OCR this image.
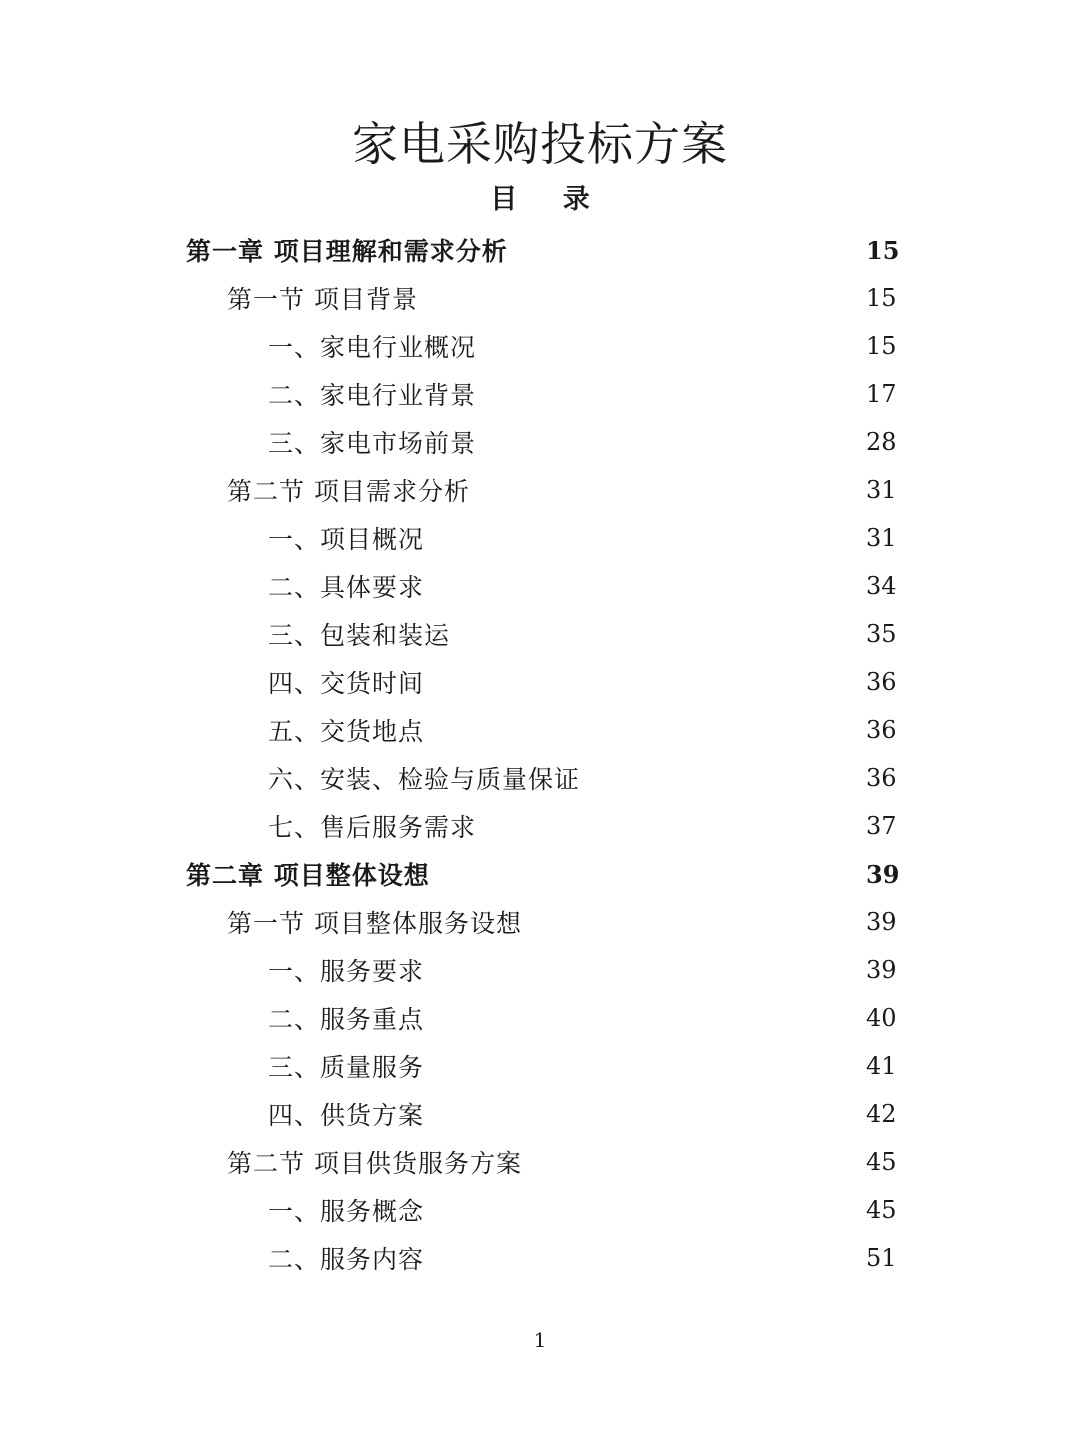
家电采购投标方案
目 录
第一章 项目理解和需求分析	15
第一节 项目背景	15
一、家电行业概况	15
二、家电行业背景	17
三、家电市场前景	28
第二节 项目需求分析	31
一、项目概况	31
二、具体要求	34
三、包装和装运	35
四、交货时间	36
五、交货地点	36
六、安装、检验与质量保证	36
七、售后服务需求	37
第二章 项目整体设想	39
第一节 项目整体服务设想	39
一、服务要求	39
二、服务重点	40
三、质量服务	41
四、供货方案	42
第二节 项目供货服务方案	45
一、服务概念	45
二、服务内容	51
1
